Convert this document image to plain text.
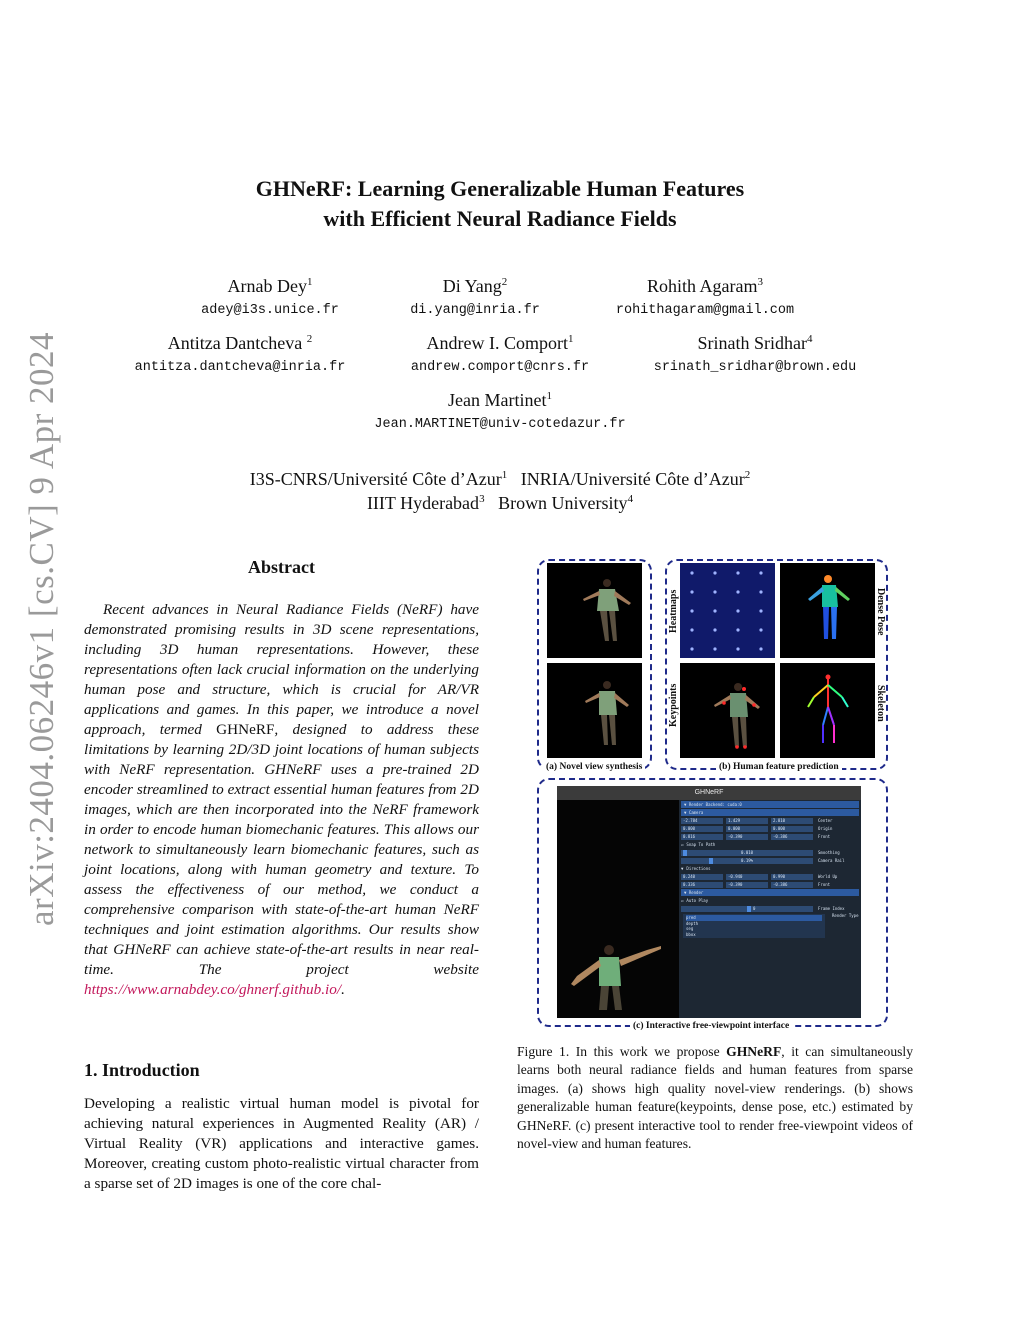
arXiv:2404.06246v1 [cs.CV] 9 Apr 2024
GHNeRF: Learning Generalizable Human Features
with Efficient Neural Radiance Fields
Arnab Dey$^1$
adey@i3s.unice.fr
Di Yang$^2$
di.yang@inria.fr
Rohith Agaram$^3$
rohithagaram@gmail.com
Antitza Dantcheva $^2$
antitza.dantcheva@inria.fr
Andrew I. Comport$^1$
andrew.comport@cnrs.fr
Srinath Sridhar$^4$
srinath_sridhar@brown.edu
Jean Martinet$^1$
Jean.MARTINET@univ-cotedazur.fr
I3S-CNRS/Université Côte d’Azur$^1$ INRIA/Université Côte d’Azur$^2$
IIIT Hyderabad$^3$ Brown University$^4$
Abstract
Recent advances in Neural Radiance Fields (NeRF) have demonstrated promising results in 3D scene representations, including 3D human representations. However, these representations often lack crucial information on the underlying human pose and structure, which is crucial for AR/VR applications and games. In this paper, we introduce a novel approach, termed GHNeRF, designed to address these limitations by learning 2D/3D joint locations of human subjects with NeRF representation. GHNeRF uses a pre-trained 2D encoder streamlined to extract essential human features from 2D images, which are then incorporated into the NeRF framework in order to encode human biomechanic features. This allows our network to simultaneously learn biomechanic features, such as joint locations, along with human geometry and texture. To assess the effectiveness of our method, we conduct a comprehensive comparison with state-of-the-art human NeRF techniques and joint estimation algorithms. Our results show that GHNeRF can achieve state-of-the-art results in near real-time. The project website https://www.arnabdey.co/ghnerf.github.io/.
1. Introduction
Developing a realistic virtual human model is pivotal for achieving natural experiences in Augmented Reality (AR) / Virtual Reality (VR) applications and interactive games. Moreover, creating custom photo-realistic virtual character from a sparse set of 2D images is one of the core chal-
(a) Novel view synthesis
Heatmaps
Keypoints
Dense Pose
Skeleton
(b) Human feature prediction
GHNeRF
▼ Render Backend: cuda:0
▼ Camera
-2.784	1.429	2.810	Center
0.000	0.000	0.000	Origin
0.816	-0.390	-0.386	Front
☑ Snap To Path
0.010	Smoothing
0.19%	Camera Rail
▼ Directions
0.240	-0.940	0.990	World Up
0.336	-0.390	-0.386	Front
▼ Render
☑ Auto Play
0	Frame Index
pred
depth
seg
bbox
Render Type
(c) Interactive free-viewpoint interface
Figure 1. In this work we propose GHNeRF, it can simultaneously learns both neural radiance fields and human features from sparse images. (a) shows high quality novel-view renderings. (b) shows generalizable human feature(keypoints, dense pose, etc.) estimated by GHNeRF. (c) present interactive tool to render free-viewpoint videos of novel-view and human features.
